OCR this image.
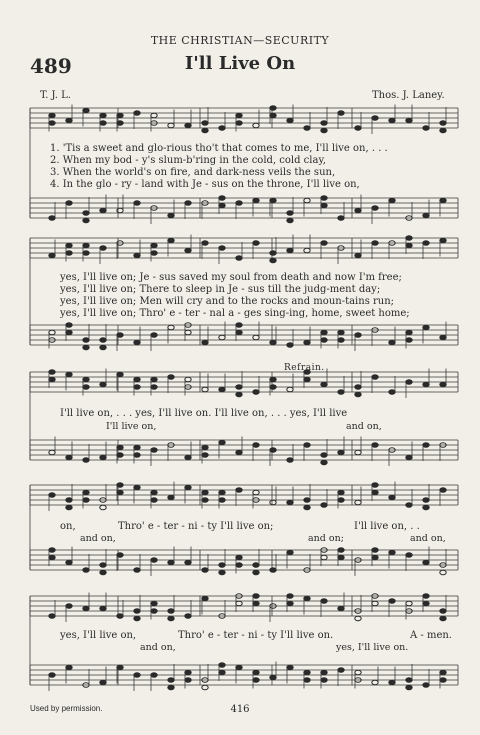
THE CHRISTIAN—SECURITY
489	I'll Live On
T. J. L.	Thos. J. Laney.
1. 'Tis a sweet and glo-rious tho't that comes to me, I'll live on, . . .
2. When my bod - y's slum-b'ring in the cold, cold clay,
3. When the world's on fire, and dark-ness veils the sun,
4. In the glo - ry - land with Je - sus on the throne, I'll live on,
yes, I'll live on; Je - sus saved my soul from death and now I'm free;
yes, I'll live on; There to sleep in Je - sus till the judg-ment day;
yes, I'll live on; Men will cry and to the rocks and moun-tains run;
yes, I'll live on; Thro' e - ter - nal a - ges sing-ing, home, sweet home;
Refrain.
I'll live on, . . . yes, I'll live on. I'll live on, . . . yes, I'll live
I'll live on,	and on,
on,	Thro' e - ter - ni - ty I'll live on;	I'll live on, . .
and on,	and on;	and on,
yes, I'll live on,	Thro' e - ter - ni - ty I'll live on.	A - men.
and on,	yes, I'll live on.
Used by permission.	416
